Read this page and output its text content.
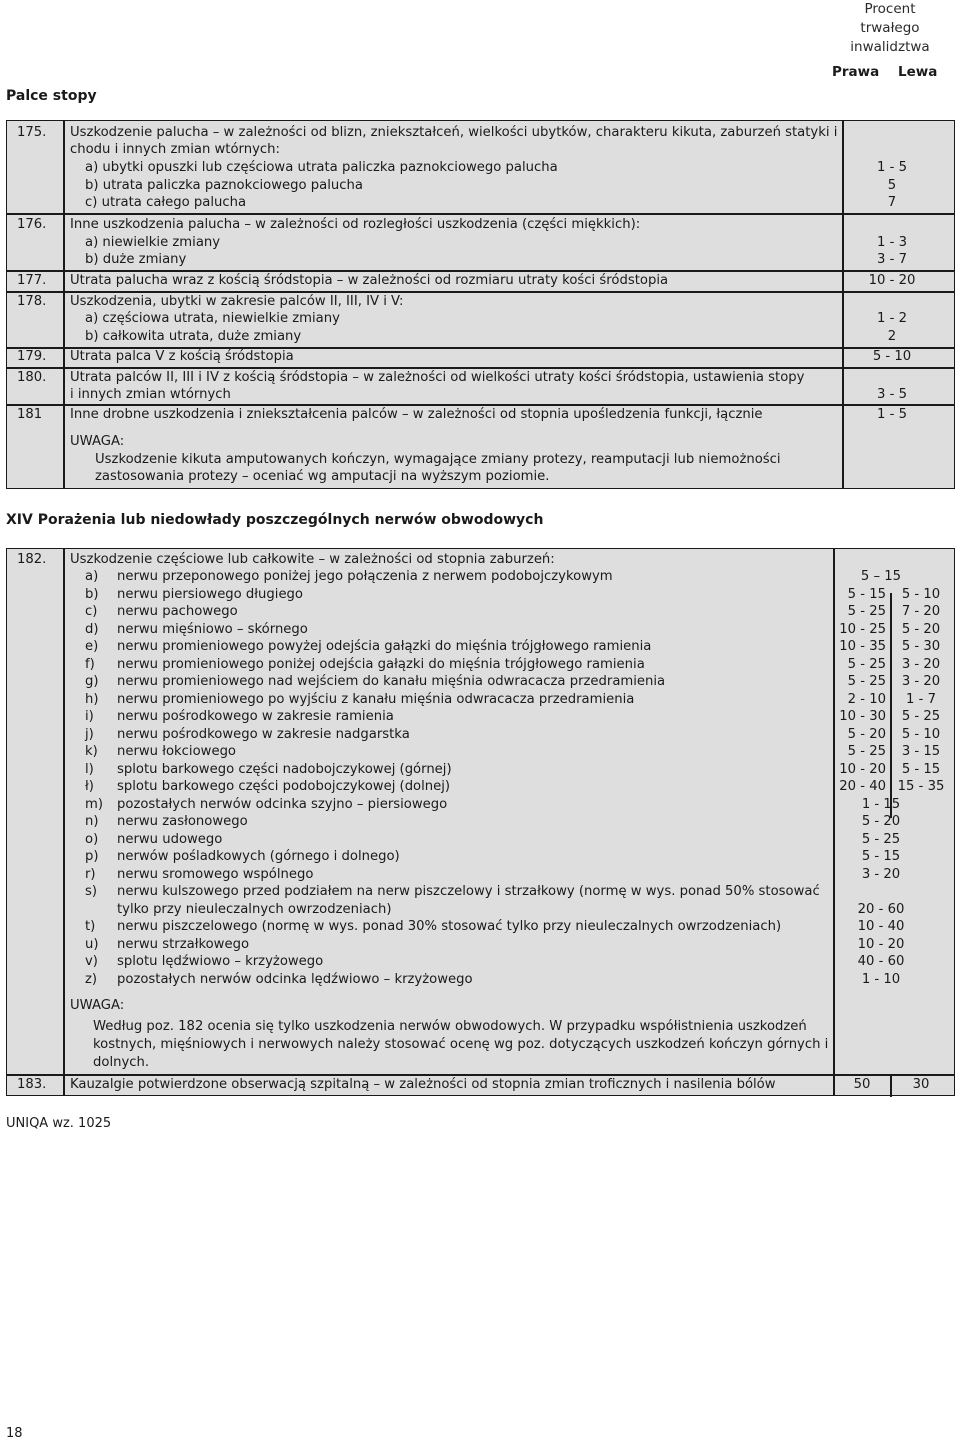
Procent
trwałego
inwalidztwa
Prawa Lewa
Palce stopy
175. Uszkodzenie palucha – w zależności od blizn, zniekształceń, wielkości ubytków, charakteru kikuta, zaburzeń statyki i
chodu i innych zmian wtórnych:
a) ubytki opuszki lub częściowa utrata paliczka paznokciowego palucha	1 - 5
b) utrata paliczka paznokciowego palucha	5
c) utrata całego palucha	7
176. Inne uszkodzenia palucha – w zależności od rozległości uszkodzenia (części miękkich):
a) niewielkie zmiany	1 - 3
b) duże zmiany	3 - 7
177. Utrata palucha wraz z kością śródstopia – w zależności od rozmiaru utraty kości śródstopia	10 - 20
178. Uszkodzenia, ubytki w zakresie palców II, III, IV i V:
a) częściowa utrata, niewielkie zmiany	1 - 2
b) całkowita utrata, duże zmiany	2
179. Utrata palca V z kością śródstopia	5 - 10
180. Utrata palców II, III i IV z kością śródstopia – w zależności od wielkości utraty kości śródstopia, ustawienia stopy
i innych zmian wtórnych	3 - 5
181 Inne drobne uszkodzenia i zniekształcenia palców – w zależności od stopnia upośledzenia funkcji, łącznie	1 - 5
UWAGA:
Uszkodzenie kikuta amputowanych kończyn, wymagające zmiany protezy, reamputacji lub niemożności
zastosowania protezy – oceniać wg amputacji na wyższym poziomie.
XIV Porażenia lub niedowłady poszczególnych nerwów obwodowych
182. Uszkodzenie częściowe lub całkowite – w zależności od stopnia zaburzeń:
a) nerwu przeponowego poniżej jego połączenia z nerwem podobojczykowym	5 – 15
b) nerwu piersiowego długiego	5 - 15	5 - 10
c) nerwu pachowego	5 - 25	7 - 20
d) nerwu mięśniowo – skórnego	10 - 25	5 - 20
e) nerwu promieniowego powyżej odejścia gałązki do mięśnia trójgłowego ramienia	10 - 35	5 - 30
f) nerwu promieniowego poniżej odejścia gałązki do mięśnia trójgłowego ramienia	5 - 25	3 - 20
g) nerwu promieniowego nad wejściem do kanału mięśnia odwracacza przedramienia	5 - 25	3 - 20
h) nerwu promieniowego po wyjściu z kanału mięśnia odwracacza przedramienia	2 - 10	1 - 7
i) nerwu pośrodkowego w zakresie ramienia	10 - 30	5 - 25
j) nerwu pośrodkowego w zakresie nadgarstka	5 - 20	5 - 10
k) nerwu łokciowego	5 - 25	3 - 15
l) splotu barkowego części nadobojczykowej (górnej)	10 - 20	5 - 15
ł) splotu barkowego części podobojczykowej (dolnej)	20 - 40 15 - 35
m) pozostałych nerwów odcinka szyjno – piersiowego	1 - 15
n) nerwu zasłonowego	5 - 20
o) nerwu udowego	5 - 25
p) nerwów pośladkowych (górnego i dolnego)	5 - 15
r) nerwu sromowego wspólnego	3 - 20
s) nerwu kulszowego przed podziałem na nerw piszczelowy i strzałkowy (normę w wys. ponad 50% stosować
tylko przy nieuleczalnych owrzodzeniach)	20 - 60
t) nerwu piszczelowego (normę w wys. ponad 30% stosować tylko przy nieuleczalnych owrzodzeniach)	10 - 40
u) nerwu strzałkowego	10 - 20
v) splotu lędźwiowo – krzyżowego	40 - 60
z) pozostałych nerwów odcinka lędźwiowo – krzyżowego	1 - 10
UWAGA:
Według poz. 182 ocenia się tylko uszkodzenia nerwów obwodowych. W przypadku współistnienia uszkodzeń
kostnych, mięśniowych i nerwowych należy stosować ocenę wg poz. dotyczących uszkodzeń kończyn górnych i
dolnych.
183. Kauzalgie potwierdzone obserwacją szpitalną – w zależności od stopnia zmian troficznych i nasilenia bólów	50	30
UNIQA wz. 1025
18
